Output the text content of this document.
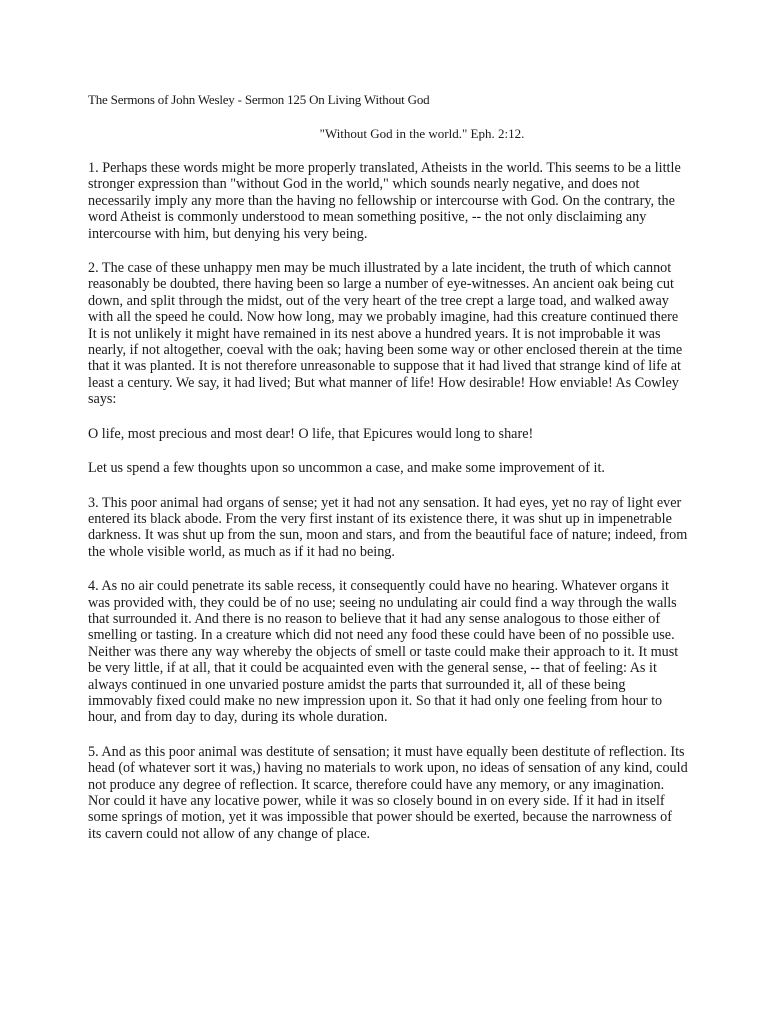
The Sermons of John Wesley - Sermon 125 On Living Without God
"Without God in the world." Eph. 2:12.

1. Perhaps these words might be more properly translated, Atheists in the world. This seems to be a little stronger expression than "without God in the world," which sounds nearly negative, and does not necessarily imply any more than the having no fellowship or intercourse with God. On the contrary, the word Atheist is commonly understood to mean something positive, -- the not only disclaiming any intercourse with him, but denying his very being.

2. The case of these unhappy men may be much illustrated by a late incident, the truth of which cannot reasonably be doubted, there having been so large a number of eye-witnesses. An ancient oak being cut down, and split through the midst, out of the very heart of the tree crept a large toad, and walked away with all the speed he could. Now how long, may we probably imagine, had this creature continued there It is not unlikely it might have remained in its nest above a hundred years. It is not improbable it was nearly, if not altogether, coeval with the oak; having been some way or other enclosed therein at the time that it was planted. It is not therefore unreasonable to suppose that it had lived that strange kind of life at least a century. We say, it had lived; But what manner of life! How desirable! How enviable! As Cowley says:

O life, most precious and most dear! O life, that Epicures would long to share!

Let us spend a few thoughts upon so uncommon a case, and make some improvement of it.

3. This poor animal had organs of sense; yet it had not any sensation. It had eyes, yet no ray of light ever entered its black abode. From the very first instant of its existence there, it was shut up in impenetrable darkness. It was shut up from the sun, moon and stars, and from the beautiful face of nature; indeed, from the whole visible world, as much as if it had no being.

4. As no air could penetrate its sable recess, it consequently could have no hearing. Whatever organs it was provided with, they could be of no use; seeing no undulating air could find a way through the walls that surrounded it. And there is no reason to believe that it had any sense analogous to those either of smelling or tasting. In a creature which did not need any food these could have been of no possible use. Neither was there any way whereby the objects of smell or taste could make their approach to it. It must be very little, if at all, that it could be acquainted even with the general sense, -- that of feeling: As it always continued in one unvaried posture amidst the parts that surrounded it, all of these being immovably fixed could make no new impression upon it. So that it had only one feeling from hour to hour, and from day to day, during its whole duration.

5. And as this poor animal was destitute of sensation; it must have equally been destitute of reflection. Its head (of whatever sort it was,) having no materials to work upon, no ideas of sensation of any kind, could not produce any degree of reflection. It scarce, therefore could have any memory, or any imagination. Nor could it have any locative power, while it was so closely bound in on every side. If it had in itself some springs of motion, yet it was impossible that power should be exerted, because the narrowness of its cavern could not allow of any change of place.
